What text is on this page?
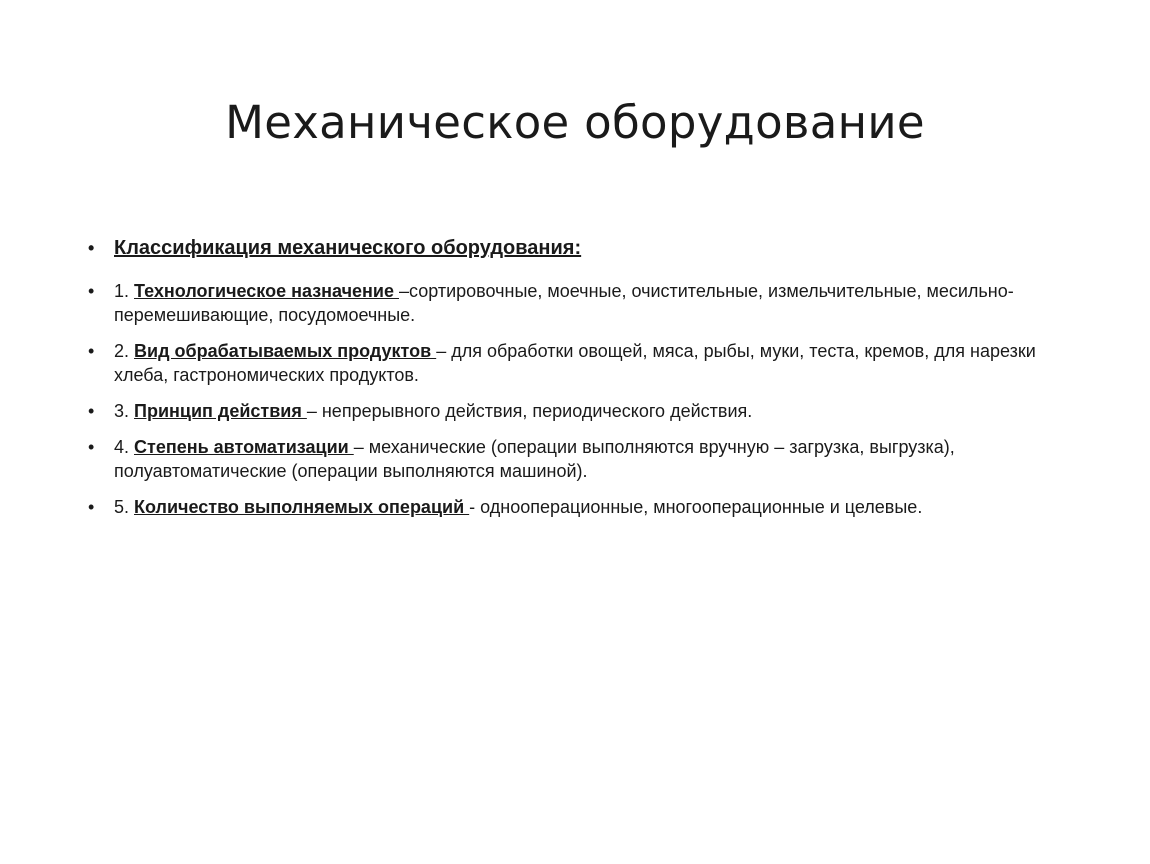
Механическое оборудование
• Классификация механического оборудования:
• 1. Технологическое назначение –сортировочные, моечные, очистительные, измельчительные, месильно-перемешивающие, посудомоечные.
• 2. Вид обрабатываемых продуктов – для обработки овощей, мяса, рыбы, муки, теста, кремов, для нарезки хлеба, гастрономических продуктов.
• 3. Принцип действия – непрерывного действия, периодического действия.
• 4. Степень автоматизации – механические (операции выполняются вручную – загрузка, выгрузка), полуавтоматические (операции выполняются машиной).
• 5. Количество выполняемых операций - однооперационные, многооперационные и целевые.
